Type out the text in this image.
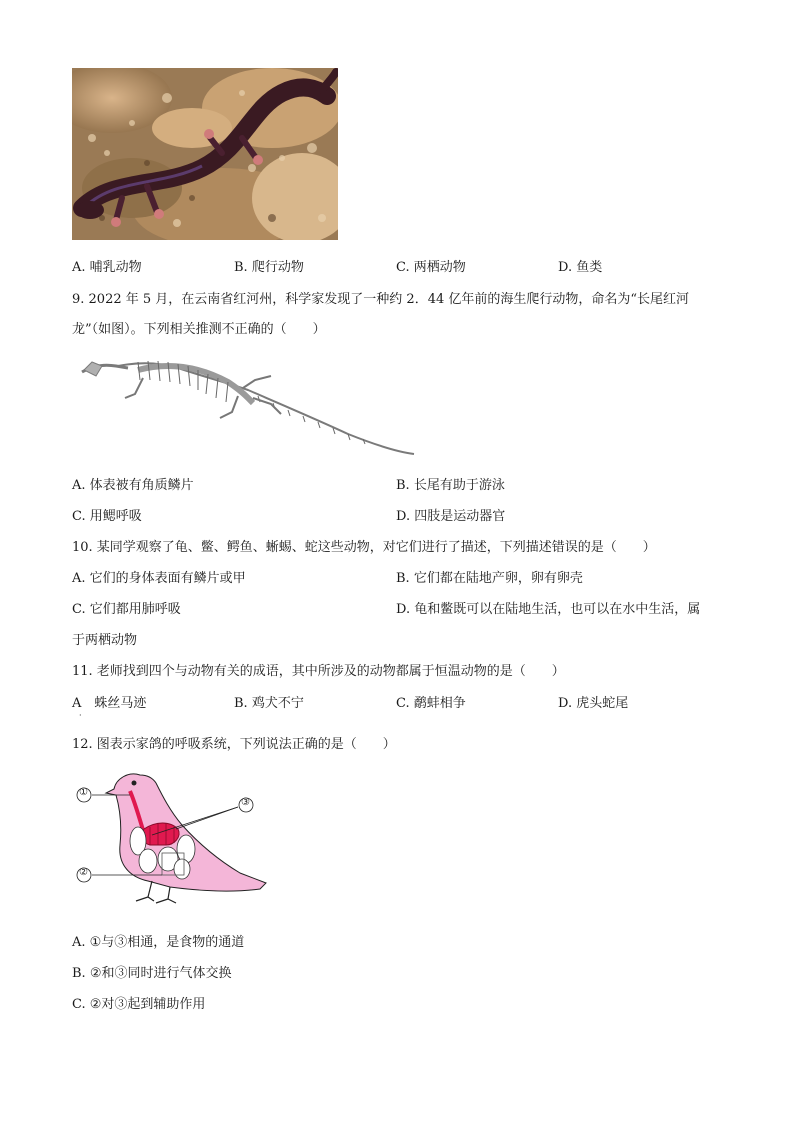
A. 哺乳动物	B. 爬行动物	C. 两栖动物	D. 鱼类
9. 2022 年 5 月，在云南省红河州，科学家发现了一种约 2．44 亿年前的海生爬行动物，命名为“长尾红河
龙”（如图）。下列相关推测不正确的（　　）
A. 体表被有角质鳞片	B. 长尾有助于游泳
C. 用鳃呼吸	D. 四肢是运动器官
10. 某同学观察了龟、鳖、鳄鱼、蜥蜴、蛇这些动物，对它们进行了描述，下列描述错误的是（　　）
A. 它们的身体表面有鳞片或甲	B. 它们都在陆地产卵，卵有卵壳
C. 它们都用肺呼吸	D. 龟和鳖既可以在陆地生活，也可以在水中生活，属
于两栖动物
11. 老师找到四个与动物有关的成语，其中所涉及的动物都属于恒温动物的是（　　）
A　蛛丝马迹
·
B. 鸡犬不宁	C. 鹬蚌相争	D. 虎头蛇尾
12. 图表示家鸽的呼吸系统，下列说法正确的是（　　）
①
②
③
A. ①与③相通，是食物的通道
B. ②和③同时进行气体交换
C. ②对③起到辅助作用
